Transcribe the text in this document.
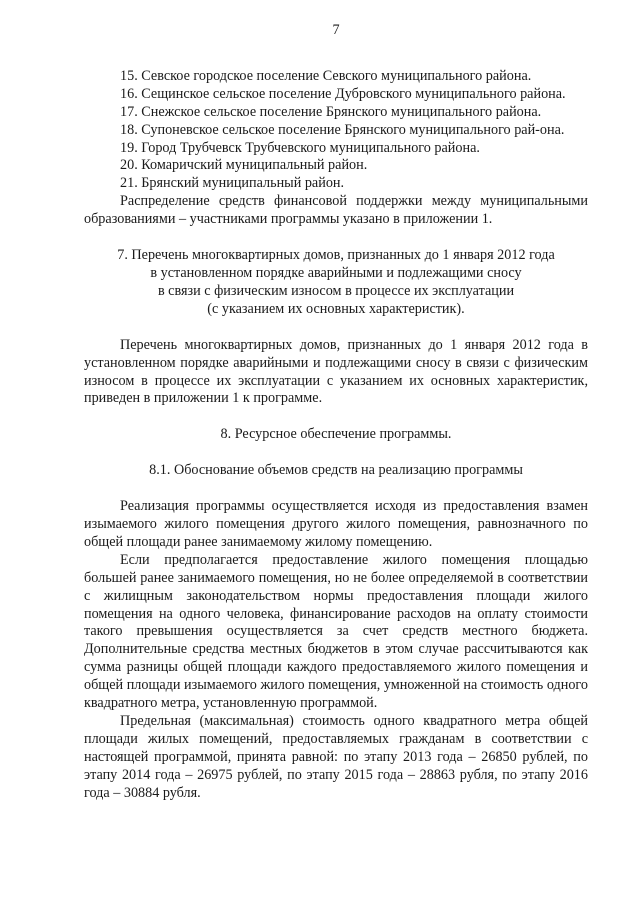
7

15. Севское городское поселение Севского муниципального района.

16. Сещинское сельское поселение Дубровского муниципального района.

17. Снежское сельское поселение Брянского муниципального района.

18. Супоневское сельское поселение Брянского муниципального рай-она.

19. Город Трубчевск Трубчевского муниципального района.

20. Комаричский муниципальный район.

21. Брянский муниципальный район.

Распределение средств финансовой поддержки между муниципальными образованиями – участниками программы указано в приложении 1.

7. Перечень многоквартирных домов, признанных до 1 января 2012 года

в установленном порядке аварийными и подлежащими сносу

в связи с физическим износом в процессе их эксплуатации

(с указанием их основных характеристик).

Перечень многоквартирных домов, признанных до 1 января 2012 года в установленном порядке аварийными и подлежащими сносу в связи с физическим износом в процессе их эксплуатации с указанием их основных характеристик, приведен в приложении 1 к программе.

8. Ресурсное обеспечение программы.

8.1. Обоснование объемов средств на реализацию программы

Реализация программы осуществляется исходя из предоставления взамен изымаемого жилого помещения другого жилого помещения, равнозначного по общей площади ранее занимаемому жилому помещению.

Если предполагается предоставление жилого помещения площадью большей ранее занимаемого помещения, но не более определяемой в соответствии с жилищным законодательством нормы предоставления площади жилого помещения на одного человека, финансирование расходов на оплату стоимости такого превышения осуществляется за счет средств местного бюджета. Дополнительные средства местных бюджетов в этом случае рассчитываются как сумма разницы общей площади каждого предоставляемого жилого помещения и общей площади изымаемого жилого помещения, умноженной на стоимость одного квадратного метра, установленную программой.

Предельная (максимальная) стоимость одного квадратного метра общей площади жилых помещений, предоставляемых гражданам в соответствии с настоящей программой, принята равной: по этапу 2013 года – 26850 рублей, по этапу 2014 года – 26975 рублей, по этапу 2015 года – 28863 рубля, по этапу 2016 года – 30884 рубля.
